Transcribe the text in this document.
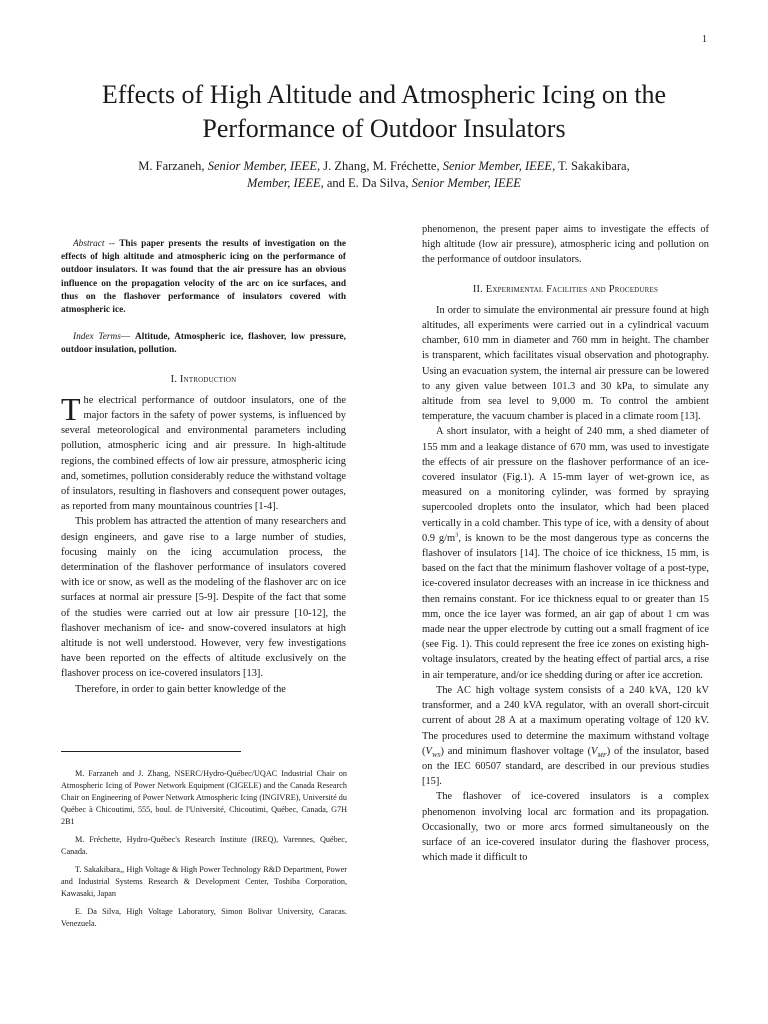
1
Effects of High Altitude and Atmospheric Icing on the Performance of Outdoor Insulators
M. Farzaneh, Senior Member, IEEE, J. Zhang, M. Fréchette, Senior Member, IEEE, T. Sakakibara,
Member, IEEE, and E. Da Silva, Senior Member, IEEE

Abstract -- This paper presents the results of investigation on the effects of high altitude and atmospheric icing on the performance of outdoor insulators. It was found that the air pressure has an obvious influence on the propagation velocity of the arc on ice surfaces, and thus on the flashover performance of insulators covered with atmospheric ice.

Index Terms— Altitude, Atmospheric ice, flashover, low pressure, outdoor insulation, pollution.

I. Introduction

The electrical performance of outdoor insulators, one of the major factors in the safety of power systems, is influenced by several meteorological and environmental parameters including pollution, atmospheric icing and air pressure. In high-altitude regions, the combined effects of low air pressure, atmospheric icing and, sometimes, pollution considerably reduce the withstand voltage of insulators, resulting in flashovers and consequent power outages, as reported from many mountainous countries [1-4].

This problem has attracted the attention of many researchers and design engineers, and gave rise to a large number of studies, focusing mainly on the icing accumulation process, the determination of the flashover performance of insulators covered with ice or snow, as well as the modeling of the flashover arc on ice surfaces at normal air pressure [5-9]. Despite of the fact that some of the studies were carried out at low air pressure [10-12], the flashover mechanism of ice- and snow-covered insulators at high altitude is not well understood. However, very few investigations have been reported on the effects of altitude exclusively on the flashover process on ice-covered insulators [13].

Therefore, in order to gain better knowledge of the

M. Farzaneh and J. Zhang, NSERC/Hydro-Québec/UQAC Industrial Chair on Atmospheric Icing of Power Network Equipment (CIGELE) and the Canada Research Chair on Engineering of Power Network Atmospheric Icing (INGIVRE), Université du Québec à Chicoutimi, 555, boul. de l'Université, Chicoutimi, Québec, Canada, G7H 2B1

M. Fréchette, Hydro-Québec's Research Institute (IREQ), Varennes, Québec, Canada.

T. Sakakibara,, High Voltage & High Power Technology R&D Department, Power and Industrial Systems Research & Development Center, Toshiba Corporation, Kawasaki, Japan

E. Da Silva, High Voltage Laboratory, Simon Bolivar University, Caracas. Venezuela.

phenomenon, the present paper aims to investigate the effects of high altitude (low air pressure), atmospheric icing and pollution on the performance of outdoor insulators.

II. Experimental Facilities and Procedures

In order to simulate the environmental air pressure found at high altitudes, all experiments were carried out in a cylindrical vacuum chamber, 610 mm in diameter and 760 mm in height. The chamber is transparent, which facilitates visual observation and photography. Using an evacuation system, the internal air pressure can be lowered to any given value between 101.3 and 30 kPa, to simulate any altitude from sea level to 9,000 m. To control the ambient temperature, the vacuum chamber is placed in a climate room [13].

A short insulator, with a height of 240 mm, a shed diameter of 155 mm and a leakage distance of 670 mm, was used to investigate the effects of air pressure on the flashover performance of an ice-covered insulator (Fig.1). A 15-mm layer of wet-grown ice, as measured on a monitoring cylinder, was formed by spraying supercooled droplets onto the insulator, which had been placed vertically in a cold chamber. This type of ice, with a density of about 0.9 $g/m^3$, is known to be the most dangerous type as concerns the flashover of insulators [14]. The choice of ice thickness, 15 mm, is based on the fact that the minimum flashover voltage of a post-type, ice-covered insulator decreases with an increase in ice thickness and then remains constant. For ice thickness equal to or greater than 15 mm, once the ice layer was formed, an air gap of about 1 cm was made near the upper electrode by cutting out a small fragment of ice (see Fig. 1). This could represent the free ice zones on existing high-voltage insulators, created by the heating effect of partial arcs, a rise in air temperature, and/or ice shedding during or after ice accretion.

The AC high voltage system consists of a 240 kVA, 120 kV transformer, and a 240 kVA regulator, with an overall short-circuit current of about 28 A at a maximum operating voltage of 120 kV. The procedures used to determine the maximum withstand voltage $(V_{WS})$ and minimum flashover voltage $(V_{MF})$ of the insulator, based on the IEC 60507 standard, are described in our previous studies [15].

The flashover of ice-covered insulators is a complex phenomenon involving local arc formation and its propagation. Occasionally, two or more arcs formed simultaneously on the surface of an ice-covered insulator during the flashover process, which made it difficult to
